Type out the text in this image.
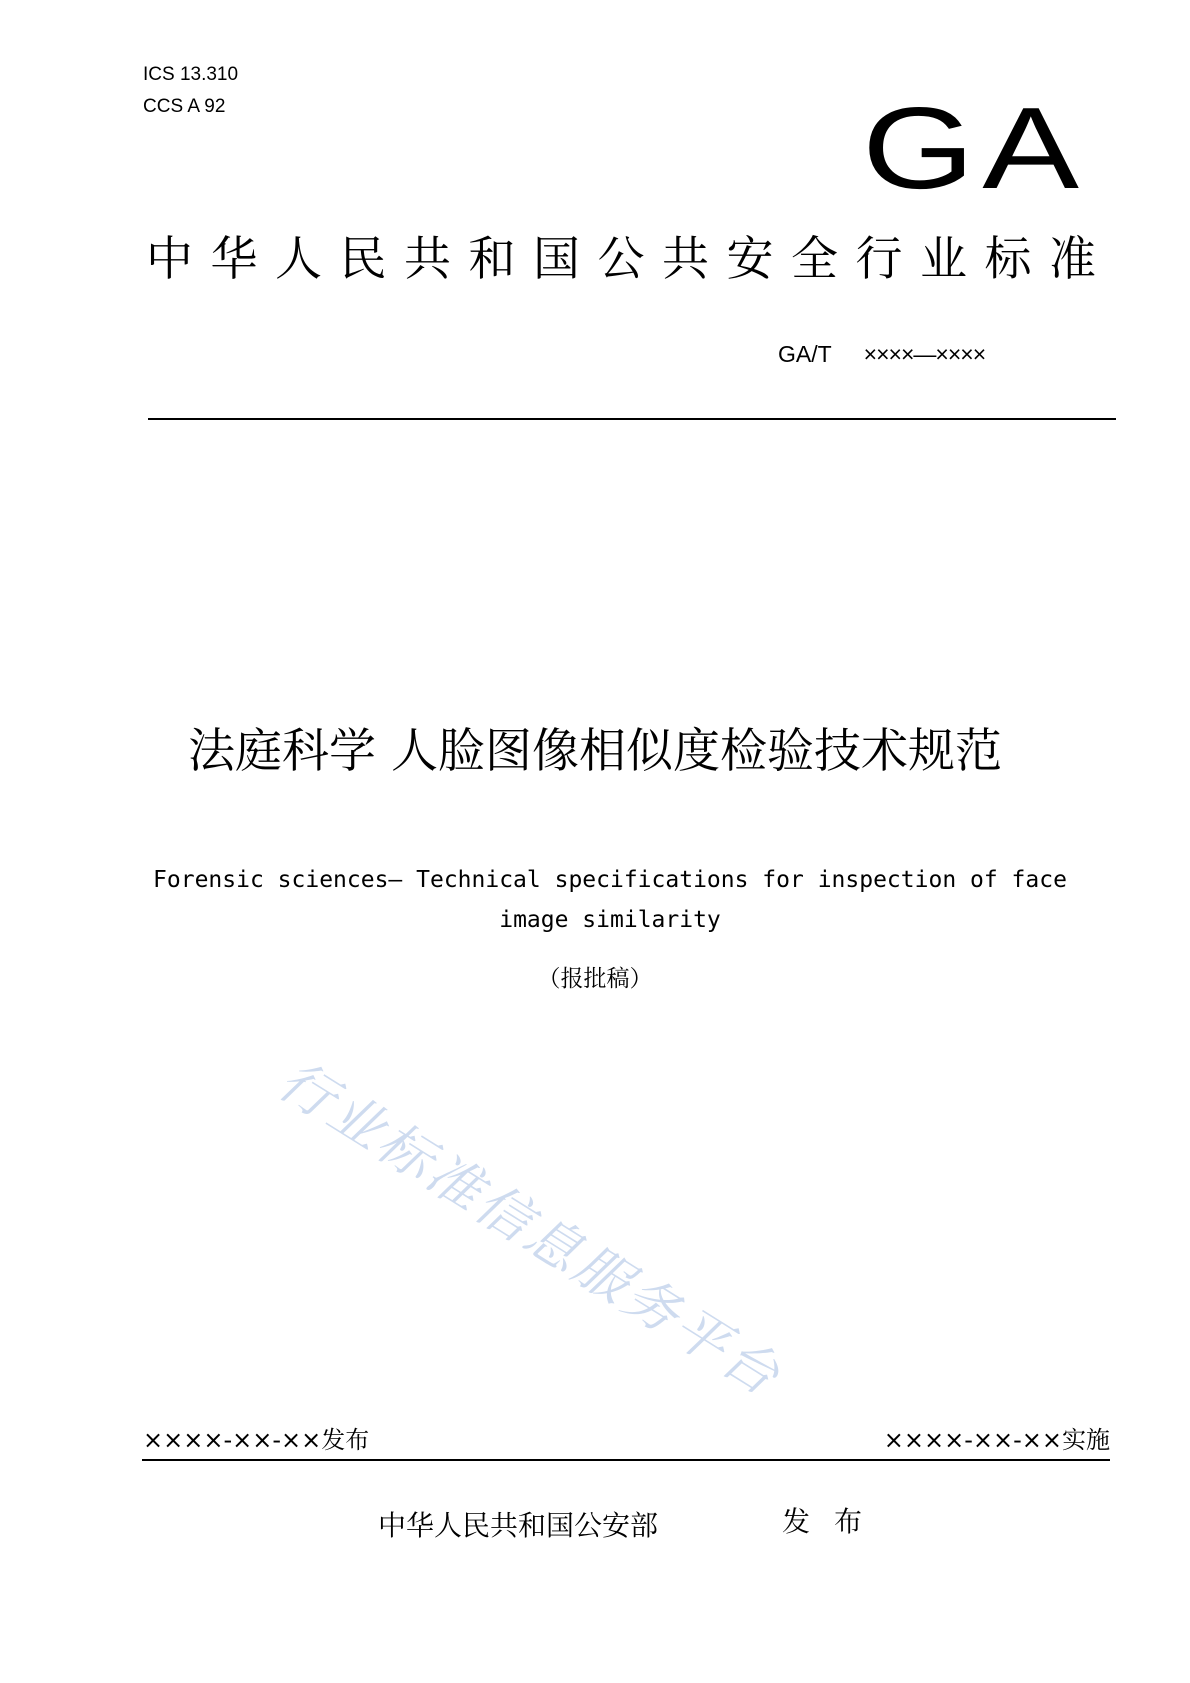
ICS 13.310
CCS A 92	GA
中华人民共和国公共安全行业标准
GA/T ××××—××××
法庭科学 人脸图像相似度检验技术规范
Forensic sciences— Technical specifications for inspection of face image similarity
（报批稿）
行业标准信息服务平台
××××-××-××发布	××××-××-××实施
中华人民共和国公安部	发布
